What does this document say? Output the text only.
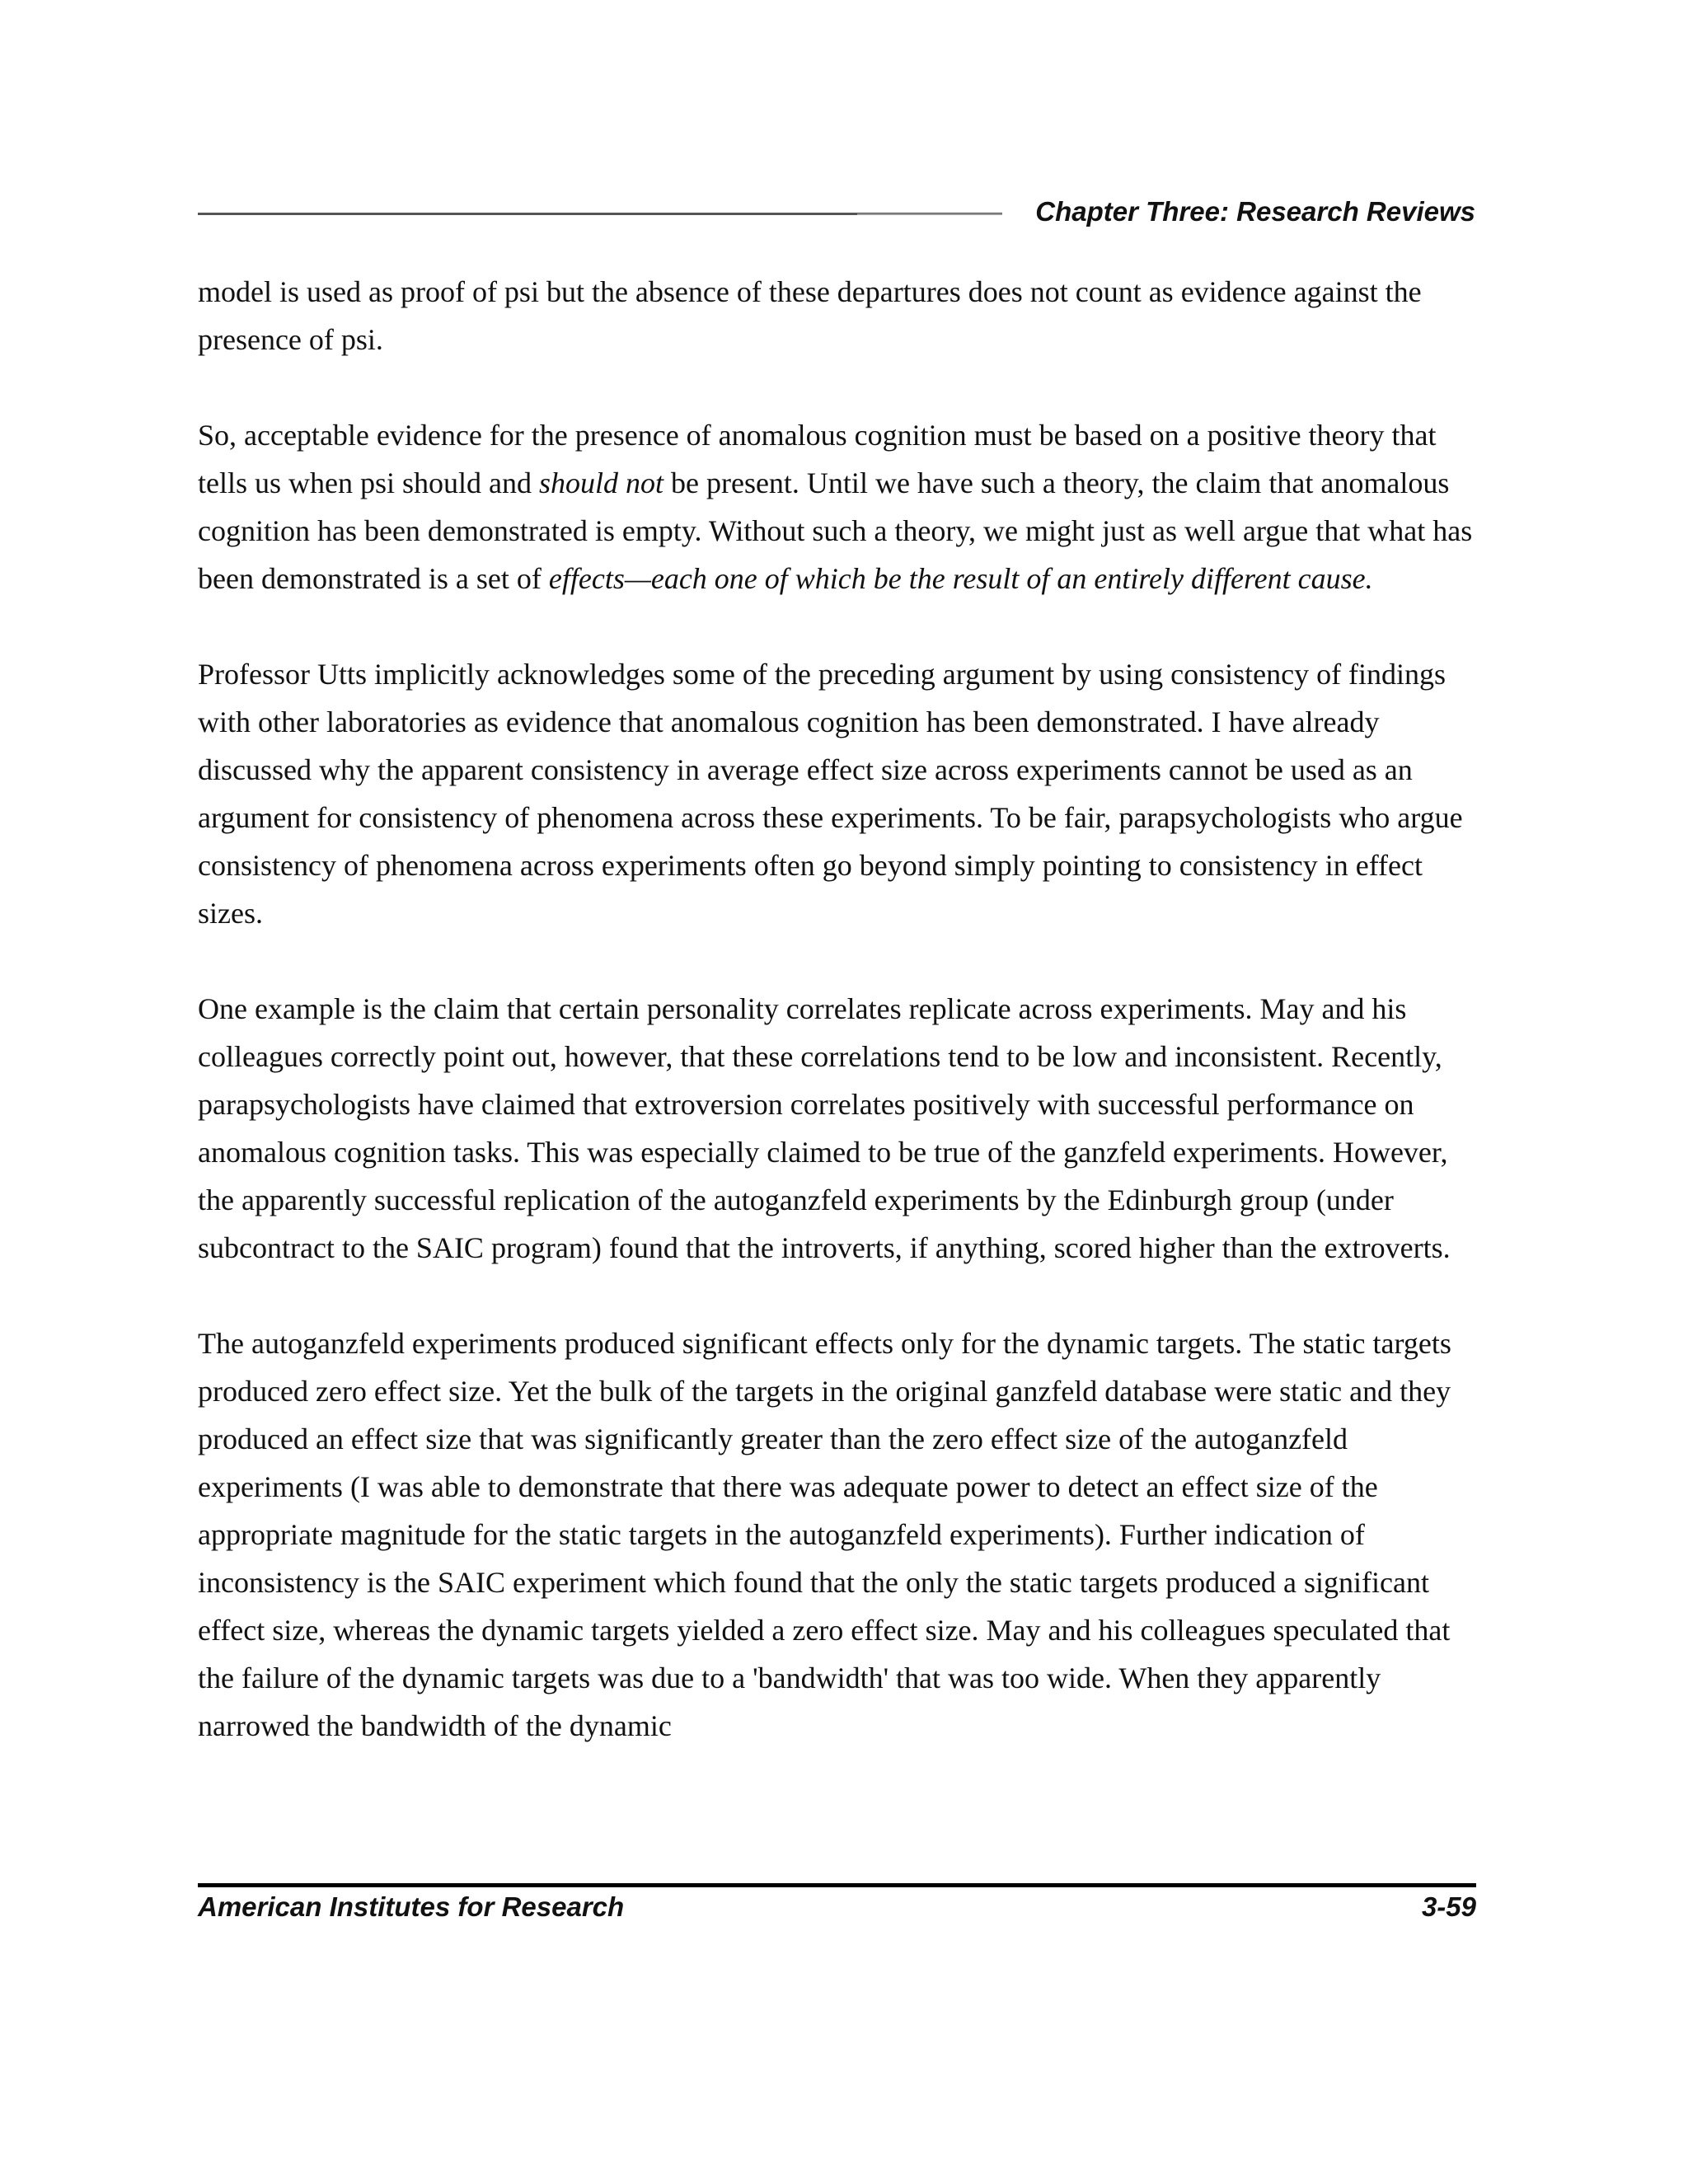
Chapter Three: Research Reviews

model is used as proof of psi but the absence of these departures does not count as evidence against the presence of psi.

So, acceptable evidence for the presence of anomalous cognition must be based on a positive theory that tells us when psi should and should not be present. Until we have such a theory, the claim that anomalous cognition has been demonstrated is empty. Without such a theory, we might just as well argue that what has been demonstrated is a set of effects—each one of which be the result of an entirely different cause.

Professor Utts implicitly acknowledges some of the preceding argument by using consistency of findings with other laboratories as evidence that anomalous cognition has been demonstrated. I have already discussed why the apparent consistency in average effect size across experiments cannot be used as an argument for consistency of phenomena across these experiments. To be fair, parapsychologists who argue consistency of phenomena across experiments often go beyond simply pointing to consistency in effect sizes.

One example is the claim that certain personality correlates replicate across experiments. May and his colleagues correctly point out, however, that these correlations tend to be low and inconsistent. Recently, parapsychologists have claimed that extroversion correlates positively with successful performance on anomalous cognition tasks. This was especially claimed to be true of the ganzfeld experiments. However, the apparently successful replication of the autoganzfeld experiments by the Edinburgh group (under subcontract to the SAIC program) found that the introverts, if anything, scored higher than the extroverts.

The autoganzfeld experiments produced significant effects only for the dynamic targets. The static targets produced zero effect size. Yet the bulk of the targets in the original ganzfeld database were static and they produced an effect size that was significantly greater than the zero effect size of the autoganzfeld experiments (I was able to demonstrate that there was adequate power to detect an effect size of the appropriate magnitude for the static targets in the autoganzfeld experiments). Further indication of inconsistency is the SAIC experiment which found that the only the static targets produced a significant effect size, whereas the dynamic targets yielded a zero effect size. May and his colleagues speculated that the failure of the dynamic targets was due to a 'bandwidth' that was too wide. When they apparently narrowed the bandwidth of the dynamic

American Institutes for Research	3-59
